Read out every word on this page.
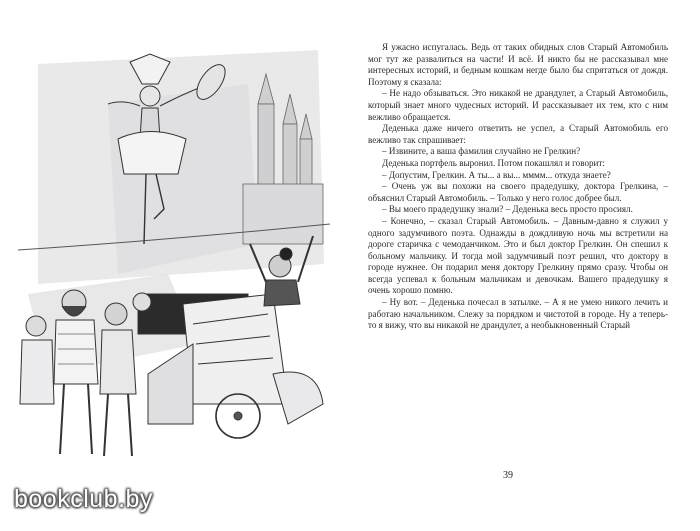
Я ужасно испугалась. Ведь от таких обидных слов Старый Автомобиль мог тут же развалиться на части! И всё. И никто бы не рассказывал мне интересных историй, и бедным кошкам негде было бы спрятаться от дождя. Поэтому я сказала:

– Не надо обзываться. Это никакой не драндулет, а Старый Автомобиль, который знает много чудесных историй. И рассказывает их тем, кто с ним вежливо обращается.

Деденька даже ничего ответить не успел, а Старый Автомобиль его вежливо так спрашивает:

– Извините, а ваша фамилия случайно не Грелкин?

Деденька портфель выронил. Потом покашлял и говорит:

– Допустим, Грелкин. А ты... а вы... мммм... откуда знаете?

– Очень уж вы похожи на своего прадедушку, доктора Грелкина, – объяснил Старый Автомобиль. – Только у него голос добрее был.

– Вы моего прадедушку знали? – Деденька весь просто просиял.

– Конечно, – сказал Старый Автомобиль. – Давным-давно я служил у одного задумчивого поэта. Однажды в дождливую ночь мы встретили на дороге старичка с чемоданчиком. Это и был доктор Грелкин. Он спешил к больному мальчику. И тогда мой задумчивый поэт решил, что доктору в городе нужнее. Он подарил меня доктору Грелкину прямо сразу. Чтобы он всегда успевал к больным мальчикам и девочкам. Вашего прадедушку я очень хорошо помню.

– Ну вот. – Деденька почесал в затылке. – А я не умею никого лечить и работаю начальником. Слежу за порядком и чистотой в городе. Ну а теперь-то я вижу, что вы никакой не драндулет, а необыкновенный Старый

39
bookclub.by
